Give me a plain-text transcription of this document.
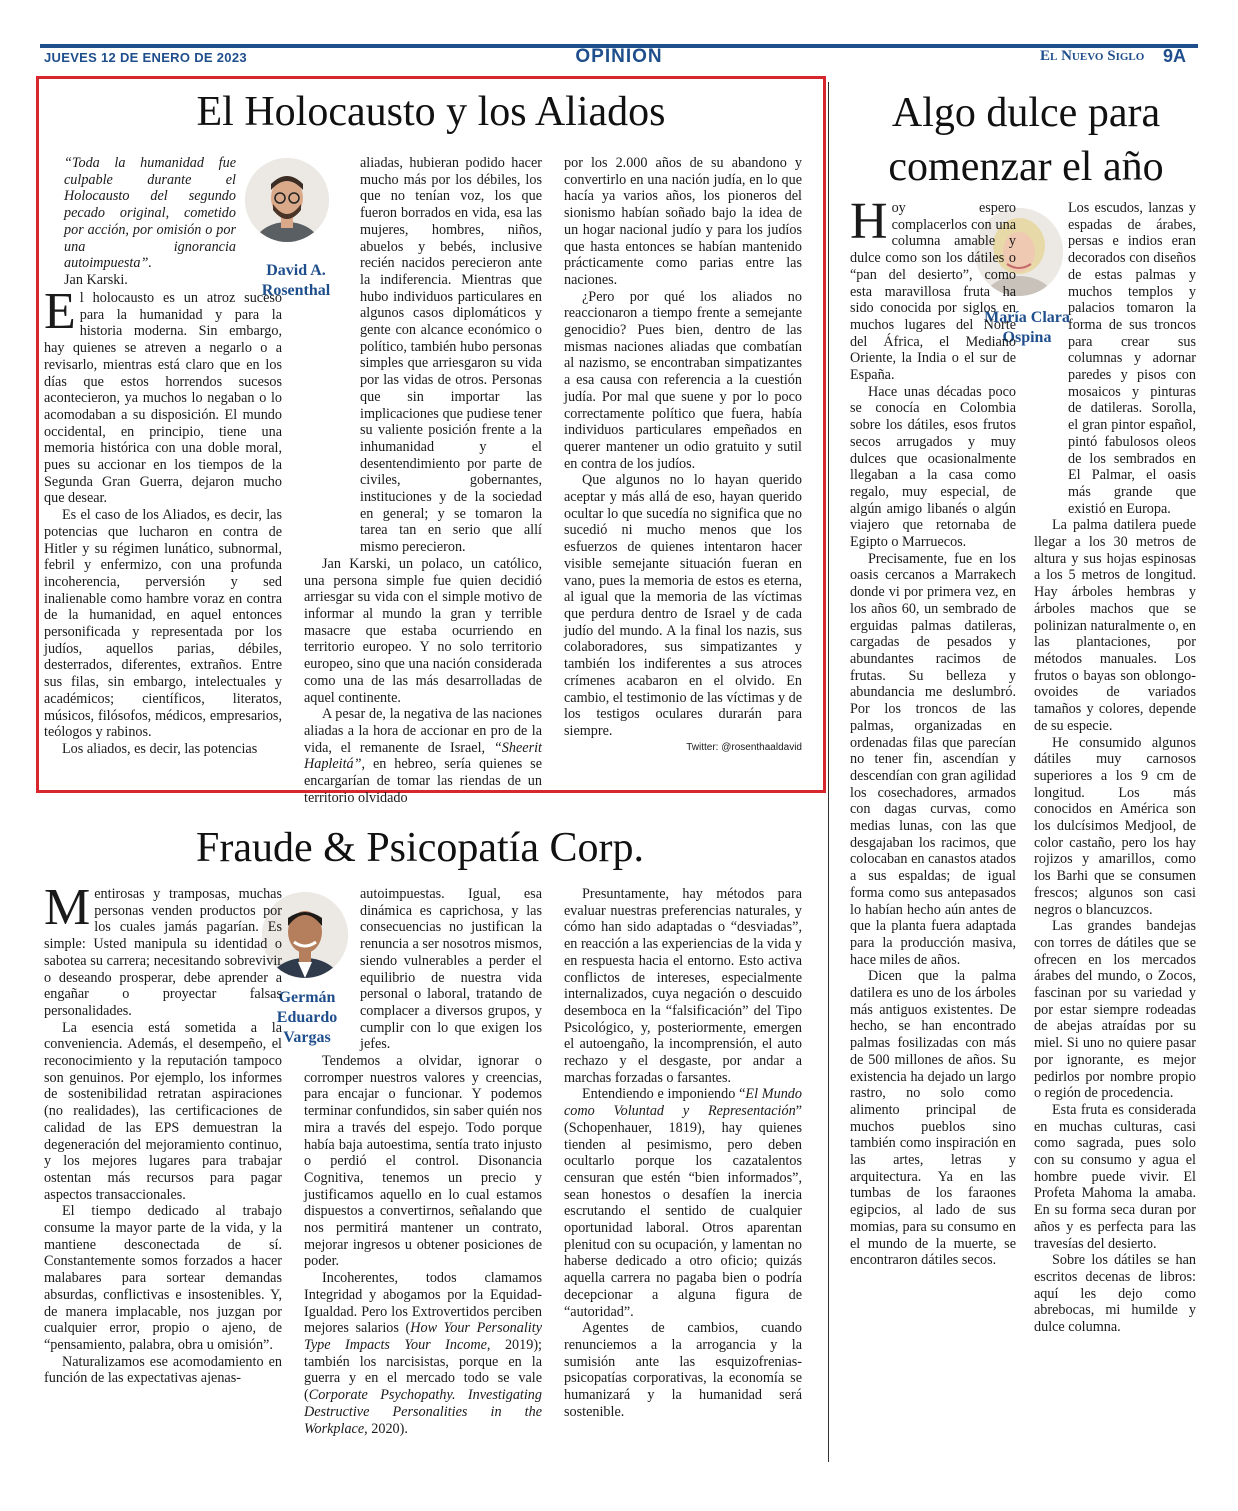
JUEVES 12 DE ENERO DE 2023	OPINIÓN	El Nuevo Siglo 9A
El Holocausto y los Aliados
David A.
Rosenthal

“Toda la humanidad fue culpable durante el Holocausto del segundo pecado original, cometido por acción, por omisión o por una ignorancia autoimpuesta”.

Jan Karski.

El holocausto es un atroz suceso para la humanidad y para la historia moderna. Sin embargo, hay quienes se atreven a negarlo o a revisarlo, mientras está claro que en los días que estos horrendos sucesos acontecieron, ya muchos lo negaban o lo acomodaban a su disposición. El mundo occidental, en principio, tiene una memoria histórica con una doble moral, pues su accionar en los tiempos de la Segunda Gran Guerra, dejaron mucho que desear.

Es el caso de los Aliados, es decir, las potencias que lucharon en contra de Hitler y su régimen lunático, subnormal, febril y enfermizo, con una profunda incoherencia, perversión y sed inalienable como hambre voraz en contra de la humanidad, en aquel entonces personificada y representada por los judíos, aquellos parias, débiles, desterrados, diferentes, extraños. Entre sus filas, sin embargo, intelectuales y académicos; científicos, literatos, músicos, filósofos, médicos, empresarios, teólogos y rabinos.

Los aliados, es decir, las potencias

aliadas, hubieran podido hacer mucho más por los débiles, los que no tenían voz, los que fueron borrados en vida, esa las mujeres, hombres, niños, abuelos y bebés, inclusive recién nacidos perecieron ante la indiferencia. Mientras que hubo individuos particulares en algunos casos diplomáticos y gente con alcance económico o político, también hubo personas simples que arriesgaron su vida por las vidas de otros. Personas que sin importar las implicaciones que pudiese tener su valiente posición frente a la inhumanidad y el desentendimiento por parte de civiles, gobernantes, instituciones y de la sociedad en general; y se tomaron la tarea tan en serio que allí mismo perecieron.

Jan Karski, un polaco, un católico, una persona simple fue quien decidió arriesgar su vida con el simple motivo de informar al mundo la gran y terrible masacre que estaba ocurriendo en territorio europeo. Y no solo territorio europeo, sino que una nación considerada como una de las más desarrolladas de aquel continente.

A pesar de, la negativa de las naciones aliadas a la hora de accionar en pro de la vida, el remanente de Israel, “Sheerit Hapleitá”, en hebreo, sería quienes se encargarían de tomar las riendas de un territorio olvidado

por los 2.000 años de su abandono y convertirlo en una nación judía, en lo que hacía ya varios años, los pioneros del sionismo habían soñado bajo la idea de un hogar nacional judío y para los judíos que hasta entonces se habían mantenido prácticamente como parias entre las naciones.

¿Pero por qué los aliados no reaccionaron a tiempo frente a semejante genocidio? Pues bien, dentro de las mismas naciones aliadas que combatían al nazismo, se encontraban simpatizantes a esa causa con referencia a la cuestión judía. Por mal que suene y por lo poco correctamente político que fuera, había individuos particulares empeñados en querer mantener un odio gratuito y sutil en contra de los judíos.

Que algunos no lo hayan querido aceptar y más allá de eso, hayan querido ocultar lo que sucedía no significa que no sucedió ni mucho menos que los esfuerzos de quienes intentaron hacer visible semejante situación fueran en vano, pues la memoria de estos es eterna, al igual que la memoria de las víctimas que perdura dentro de Israel y de cada judío del mundo. A la final los nazis, sus colaboradores, sus simpatizantes y también los indiferentes a sus atroces crímenes acabaron en el olvido. En cambio, el testimonio de las víctimas y de los testigos oculares durarán para siempre.

Twitter: @rosenthaaldavid
Fraude & Psicopatía Corp.
Germán
Eduardo
Vargas

Mentirosas y tramposas, muchas personas venden productos por los cuales jamás pagarían. Es simple: Usted manipula su identidad o sabotea su carrera; necesitando sobrevivir o deseando prosperar, debe aprender a engañar o proyectar falsas personalidades.

La esencia está sometida a la conveniencia. Además, el desempeño, el reconocimiento y la reputación tampoco son genuinos. Por ejemplo, los informes de sostenibilidad retratan aspiraciones (no realidades), las certificaciones de calidad de las EPS demuestran la degeneración del mejoramiento continuo, y los mejores lugares para trabajar ostentan más recursos para pagar aspectos transaccionales.

El tiempo dedicado al trabajo consume la mayor parte de la vida, y la mantiene desconectada de sí. Constantemente somos forzados a hacer malabares para sortear demandas absurdas, conflictivas e insostenibles. Y, de manera implacable, nos juzgan por cualquier error, propio o ajeno, de “pensamiento, palabra, obra u omisión”.

Naturalizamos ese acomodamiento en función de las expectativas ajenas-

autoimpuestas. Igual, esa dinámica es caprichosa, y las consecuencias no justifican la renuncia a ser nosotros mismos, siendo vulnerables a perder el equilibrio de nuestra vida personal o laboral, tratando de complacer a diversos grupos, y cumplir con lo que exigen los jefes.

Tendemos a olvidar, ignorar o corromper nuestros valores y creencias, para encajar o funcionar. Y podemos terminar confundidos, sin saber quién nos mira a través del espejo. Todo porque había baja autoestima, sentía trato injusto o perdió el control. Disonancia Cognitiva, tenemos un precio y justificamos aquello en lo cual estamos dispuestos a convertirnos, señalando que nos permitirá mantener un contrato, mejorar ingresos u obtener posiciones de poder.

Incoherentes, todos clamamos Integridad y abogamos por la Equidad-Igualdad. Pero los Extrovertidos perciben mejores salarios (How Your Personality Type Impacts Your Income, 2019); también los narcisistas, porque en la guerra y en el mercado todo se vale (Corporate Psychopathy. Investigating Destructive Personalities in the Workplace, 2020).

Presuntamente, hay métodos para evaluar nuestras preferencias naturales, y cómo han sido adaptadas o “desviadas”, en reacción a las experiencias de la vida y en respuesta hacia el entorno. Esto activa conflictos de intereses, especialmente internalizados, cuya negación o descuido desemboca en la “falsificación” del Tipo Psicológico, y, posteriormente, emergen el autoengaño, la incomprensión, el auto rechazo y el desgaste, por andar a marchas forzadas o farsantes.

Entendiendo e imponiendo “El Mundo como Voluntad y Representación” (Schopenhauer, 1819), hay quienes tienden al pesimismo, pero deben ocultarlo porque los cazatalentos censuran que estén “bien informados”, sean honestos o desafíen la inercia escrutando el sentido de cualquier oportunidad laboral. Otros aparentan plenitud con su ocupación, y lamentan no haberse dedicado a otro oficio; quizás aquella carrera no pagaba bien o podría decepcionar a alguna figura de “autoridad”.

Agentes de cambios, cuando renunciemos a la arrogancia y la sumisión ante las esquizofrenias-psicopatías corporativas, la economía se humanizará y la humanidad será sostenible.

Algo dulce para comenzar el año
María Clara
Ospina

Hoy espero complacerlos con una columna amable y dulce como son los dátiles o “pan del desierto”, como esta maravillosa fruta ha sido conocida por siglos en muchos lugares del Norte del África, el Mediano Oriente, la India o el sur de España.

Hace unas décadas poco se conocía en Colombia sobre los dátiles, esos frutos secos arrugados y muy dulces que ocasionalmente llegaban a la casa como regalo, muy especial, de algún amigo libanés o algún viajero que retornaba de Egipto o Marruecos.

Precisamente, fue en los oasis cercanos a Marrakech donde vi por primera vez, en los años 60, un sembrado de erguidas palmas datileras, cargadas de pesados y abundantes racimos de frutas. Su belleza y abundancia me deslumbró. Por los troncos de las palmas, organizadas en ordenadas filas que parecían no tener fin, ascendían y descendían con gran agilidad los cosechadores, armados con dagas curvas, como medias lunas, con las que desgajaban los racimos, que colocaban en canastos atados a sus espaldas; de igual forma como sus antepasados lo habían hecho aún antes de que la planta fuera adaptada para la producción masiva, hace miles de años.

Dicen que la palma datilera es uno de los árboles más antiguos existentes. De hecho, se han encontrado palmas fosilizadas con más de 500 millones de años. Su existencia ha dejado un largo rastro, no solo como alimento principal de muchos pueblos sino también como inspiración en las artes, letras y arquitectura. Ya en las tumbas de los faraones egipcios, al lado de sus momias, para su consumo en el mundo de la muerte, se encontraron dátiles secos.

Los escudos, lanzas y espadas de árabes, persas e indios eran decorados con diseños de estas palmas y muchos templos y palacios tomaron la forma de sus troncos para crear sus columnas y adornar paredes y pisos con mosaicos y pinturas de datileras. Sorolla, el gran pintor español, pintó fabulosos oleos de los sembrados en El Palmar, el oasis más grande que existió en Europa.

La palma datilera puede llegar a los 30 metros de altura y sus hojas espinosas a los 5 metros de longitud. Hay árboles hembras y árboles machos que se polinizan naturalmente o, en las plantaciones, por métodos manuales. Los frutos o bayas son oblongo-ovoides de variados tamaños y colores, depende de su especie.

He consumido algunos dátiles muy carnosos superiores a los 9 cm de longitud. Los más conocidos en América son los dulcísimos Medjool, de color castaño, pero los hay rojizos y amarillos, como los Barhi que se consumen frescos; algunos son casi negros o blancuzcos.

Las grandes bandejas con torres de dátiles que se ofrecen en los mercados árabes del mundo, o Zocos, fascinan por su variedad y por estar siempre rodeadas de abejas atraídas por su miel. Si uno no quiere pasar por ignorante, es mejor pedirlos por nombre propio o región de procedencia.

Esta fruta es considerada en muchas culturas, casi como sagrada, pues solo con su consumo y agua el hombre puede vivir. El Profeta Mahoma la amaba. En su forma seca duran por años y es perfecta para las travesías del desierto.

Sobre los dátiles se han escritos decenas de libros: aquí les dejo como abrebocas, mi humilde y dulce columna.
